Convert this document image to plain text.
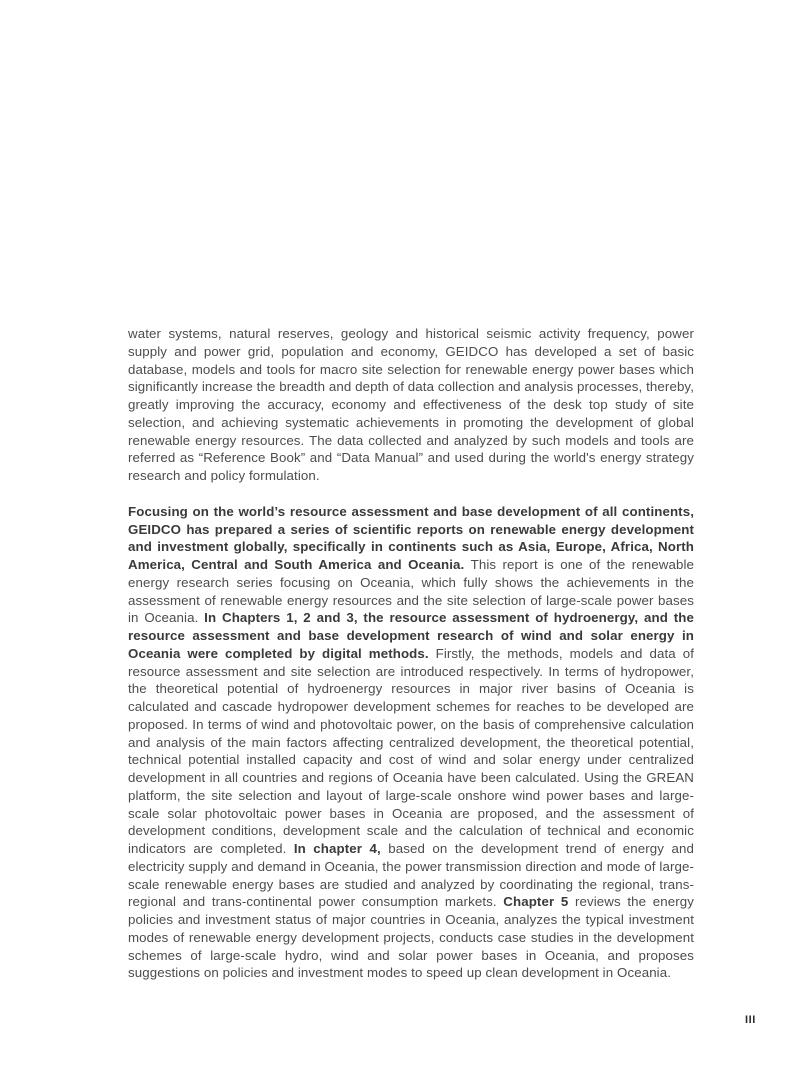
water systems, natural reserves, geology and historical seismic activity frequency, power supply and power grid, population and economy, GEIDCO has developed a set of basic database, models and tools for macro site selection for renewable energy power bases which significantly increase the breadth and depth of data collection and analysis processes, thereby, greatly improving the accuracy, economy and effectiveness of the desk top study of site selection, and achieving systematic achievements in promoting the development of global renewable energy resources. The data collected and analyzed by such models and tools are referred as “Reference Book” and “Data Manual” and used during the world's energy strategy research and policy formulation.

Focusing on the world’s resource assessment and base development of all continents, GEIDCO has prepared a series of scientific reports on renewable energy development and investment globally, specifically in continents such as Asia, Europe, Africa, North America, Central and South America and Oceania. This report is one of the renewable energy research series focusing on Oceania, which fully shows the achievements in the assessment of renewable energy resources and the site selection of large-scale power bases in Oceania. In Chapters 1, 2 and 3, the resource assessment of hydroenergy, and the resource assessment and base development research of wind and solar energy in Oceania were completed by digital methods. Firstly, the methods, models and data of resource assessment and site selection are introduced respectively. In terms of hydropower, the theoretical potential of hydroenergy resources in major river basins of Oceania is calculated and cascade hydropower development schemes for reaches to be developed are proposed. In terms of wind and photovoltaic power, on the basis of comprehensive calculation and analysis of the main factors affecting centralized development, the theoretical potential, technical potential installed capacity and cost of wind and solar energy under centralized development in all countries and regions of Oceania have been calculated. Using the GREAN platform, the site selection and layout of large-scale onshore wind power bases and large-scale solar photovoltaic power bases in Oceania are proposed, and the assessment of development conditions, development scale and the calculation of technical and economic indicators are completed. In chapter 4, based on the development trend of energy and electricity supply and demand in Oceania, the power transmission direction and mode of large-scale renewable energy bases are studied and analyzed by coordinating the regional, trans-regional and trans-continental power consumption markets. Chapter 5 reviews the energy policies and investment status of major countries in Oceania, analyzes the typical investment modes of renewable energy development projects, conducts case studies in the development schemes of large-scale hydro, wind and solar power bases in Oceania, and proposes suggestions on policies and investment modes to speed up clean development in Oceania.

III
